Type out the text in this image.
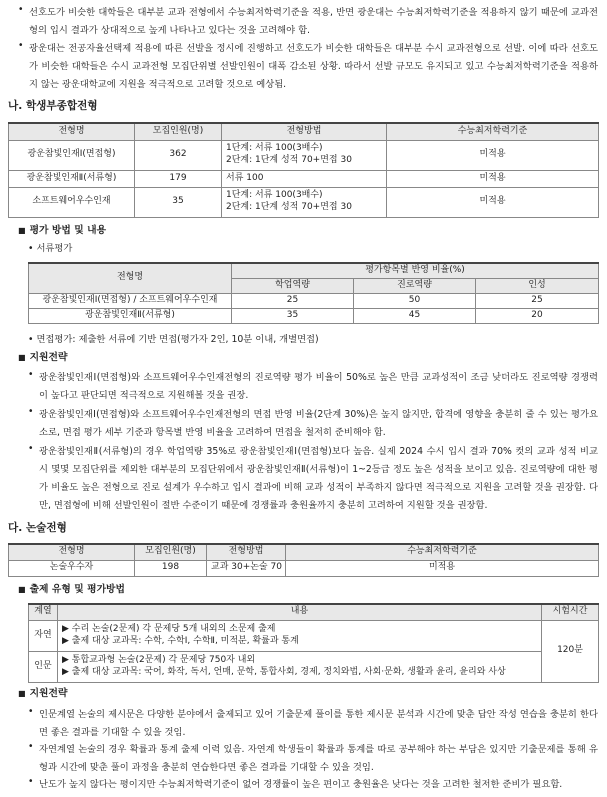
• 선호도가 비슷한 대학들은 대부분 교과 전형에서 수능최저학력기준을 적용, 반면 광운대는 수능최저학력기준을 적용하지 않기 때문에 교과전형의 입시 결과가 상대적으로 높게 나타나고 있다는 것을 고려해야 함.
• 광운대는 전공자율선택제 적용에 따른 선발을 정시에 진행하고 선호도가 비슷한 대학들은 대부분 수시 교과전형으로 선발. 이에 따라 선호도가 비슷한 대학들은 수시 교과전형 모집단위별 선발인원이 대폭 감소된 상황. 따라서 선발 규모도 유지되고 있고 수능최저학력기준을 적용하지 않는 광운대학교에 지원을 적극적으로 고려할 것으로 예상됨.
나. 학생부종합전형
전형명	모집인원(명)	전형방법	수능최저학력기준
광운참빛인재Ⅰ(면접형)	362	1단계: 서류 100(3배수)
2단계: 1단계 성적 70+면접 30	미적용
광운참빛인재Ⅱ(서류형)	179	서류 100	미적용
소프트웨어우수인재	35	1단계: 서류 100(3배수)
2단계: 1단계 성적 70+면접 30	미적용
■ 평가 방법 및 내용
• 서류평가
전형명	평가항목별 반영 비율(%)		
	학업역량	진로역량	인성
광운참빛인재Ⅰ(면접형) / 소프트웨어우수인재	25	50	25
광운참빛인재Ⅱ(서류형)	35	45	20
• 면접평가: 제출한 서류에 기반 면접(평가자 2인, 10분 이내, 개별면접)
■ 지원전략
• 광운참빛인재Ⅰ(면접형)와 소프트웨어우수인재전형의 진로역량 평가 비율이 50%로 높은 만큼 교과성적이 조금 낮더라도 진로역량 경쟁력이 높다고 판단되면 적극적으로 지원해볼 것을 권장.
• 광운참빛인재Ⅰ(면접형)와 소프트웨어우수인재전형의 면접 반영 비율(2단계 30%)은 높지 않지만, 합격에 영향을 충분히 줄 수 있는 평가요소로, 면접 평가 세부 기준과 항목별 반영 비율을 고려하여 면접을 철저히 준비해야 함.
• 광운참빛인재Ⅱ(서류형)의 경우 학업역량 35%로 광운참빛인재Ⅰ(면접형)보다 높음. 실제 2024 수시 입시 결과 70% 컷의 교과 성적 비교 시 몇몇 모집단위를 제외한 대부분의 모집단위에서 광운참빛인재Ⅱ(서류형)이 1~2등급 정도 높은 성적을 보이고 있음. 진로역량에 대한 평가 비율도 높은 전형으로 진로 설계가 우수하고 입시 결과에 비해 교과 성적이 부족하지 않다면 적극적으로 지원을 고려할 것을 권장함. 다만, 면접형에 비해 선발인원이 절반 수준이기 때문에 경쟁률과 충원율까지 충분히 고려하여 지원할 것을 권장함.
다. 논술전형
전형명	모집인원(명)	전형방법	수능최저학력기준
논술우수자	198	교과 30+논술 70	미적용
■ 출제 유형 및 평가방법
계열	내용	시험시간
자연	▶ 수리 논술(2문제) 각 문제당 5개 내외의 소문제 출제
▶ 출제 대상 교과목: 수학, 수학Ⅰ, 수학Ⅱ, 미적분, 확률과 통계	120분
인문	▶ 통합교과형 논술(2문제) 각 문제당 750자 내외
▶ 출제 대상 교과목: 국어, 화작, 독서, 언매, 문학, 통합사회, 경제, 정치와법, 사회·문화, 생활과 윤리, 윤리와 사상	
■ 지원전략
• 인문계열 논술의 제시문은 다양한 분야에서 출제되고 있어 기출문제 풀이를 통한 제시문 분석과 시간에 맞춘 답안 작성 연습을 충분히 한다면 좋은 결과를 기대할 수 있을 것임.
• 자연계열 논술의 경우 확률과 통계 출제 이력 있음. 자연계 학생들이 확률과 통계를 따로 공부해야 하는 부담은 있지만 기출문제를 통해 유형과 시간에 맞춘 풀이 과정을 충분히 연습한다면 좋은 결과를 기대할 수 있을 것임.
• 난도가 높지 않다는 평이지만 수능최저학력기준이 없어 경쟁률이 높은 편이고 충원율은 낮다는 것을 고려한 철저한 준비가 필요함.
